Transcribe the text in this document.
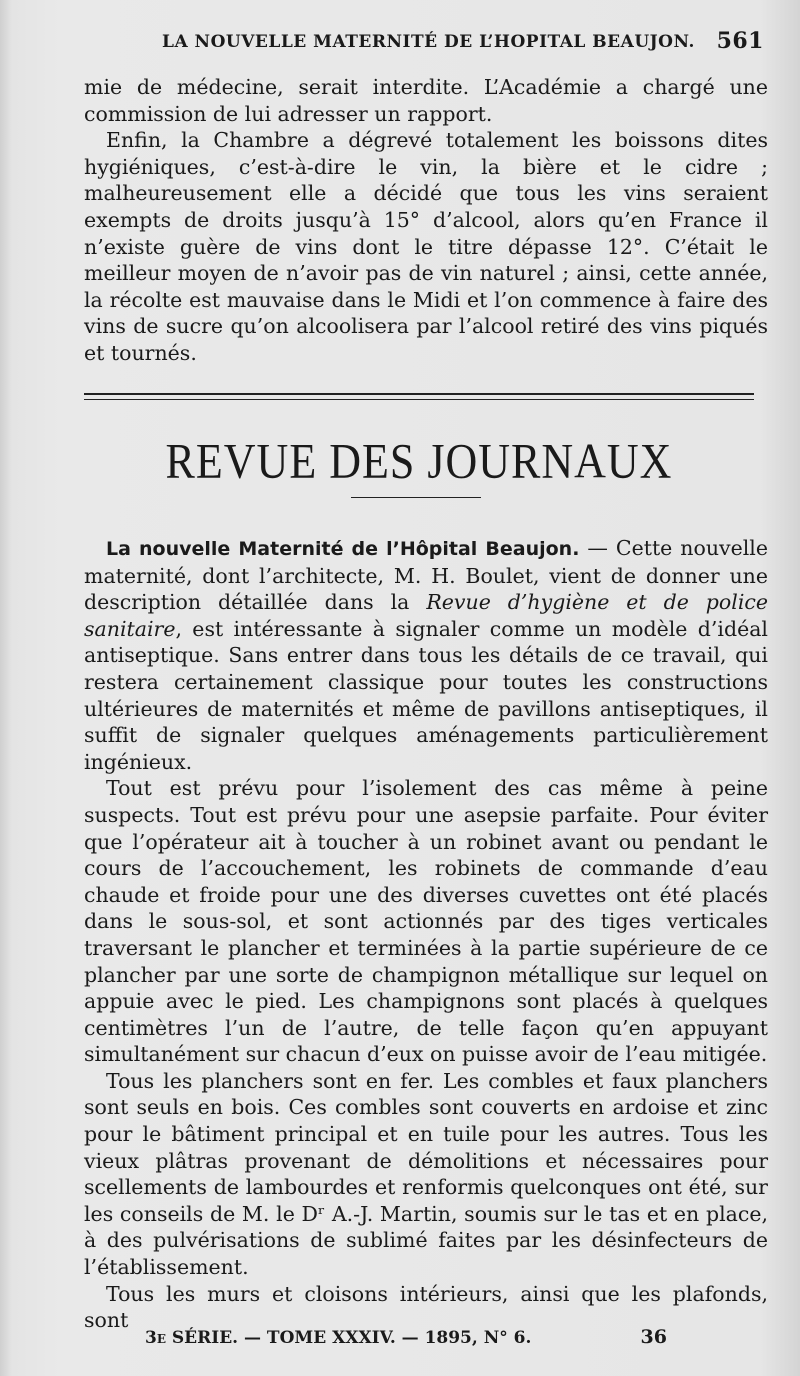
LA NOUVELLE MATERNITÉ DE L’HOPITAL BEAUJON. 561

mie de médecine, serait interdite. L’Académie a chargé une commission de lui adresser un rapport.

Enfin, la Chambre a dégrevé totalement les boissons dites hygiéniques, c’est-à-dire le vin, la bière et le cidre ; malheureusement elle a décidé que tous les vins seraient exempts de droits jusqu’à 15° d’alcool, alors qu’en France il n’existe guère de vins dont le titre dépasse 12°. C’était le meilleur moyen de n’avoir pas de vin naturel ; ainsi, cette année, la récolte est mauvaise dans le Midi et l’on commence à faire des vins de sucre qu’on alcoolisera par l’alcool retiré des vins piqués et tournés.

REVUE DES JOURNAUX

La nouvelle Maternité de l’Hôpital Beaujon. — Cette nouvelle maternité, dont l’architecte, M. H. Boulet, vient de donner une description détaillée dans la Revue d’hygiène et de police sanitaire, est intéressante à signaler comme un modèle d’idéal antiseptique. Sans entrer dans tous les détails de ce travail, qui restera certainement classique pour toutes les constructions ultérieures de maternités et même de pavillons antiseptiques, il suffit de signaler quelques aménagements particulièrement ingénieux.

Tout est prévu pour l’isolement des cas même à peine suspects. Tout est prévu pour une asepsie parfaite. Pour éviter que l’opérateur ait à toucher à un robinet avant ou pendant le cours de l’accouchement, les robinets de commande d’eau chaude et froide pour une des diverses cuvettes ont été placés dans le sous-sol, et sont actionnés par des tiges verticales traversant le plancher et terminées à la partie supérieure de ce plancher par une sorte de champignon métallique sur lequel on appuie avec le pied. Les champignons sont placés à quelques centimètres l’un de l’autre, de telle façon qu’en appuyant simultanément sur chacun d’eux on puisse avoir de l’eau mitigée.

Tous les planchers sont en fer. Les combles et faux planchers sont seuls en bois. Ces combles sont couverts en ardoise et zinc pour le bâtiment principal et en tuile pour les autres. Tous les vieux plâtras provenant de démolitions et nécessaires pour scellements de lambourdes et renformis quelconques ont été, sur les conseils de M. le Dʳ A.-J. Martin, soumis sur le tas et en place, à des pulvérisations de sublimé faites par les désinfecteurs de l’établissement.

Tous les murs et cloisons intérieurs, ainsi que les plafonds, sont

3e SÉRIE. — TOME XXXIV. — 1895, N° 6.	36
